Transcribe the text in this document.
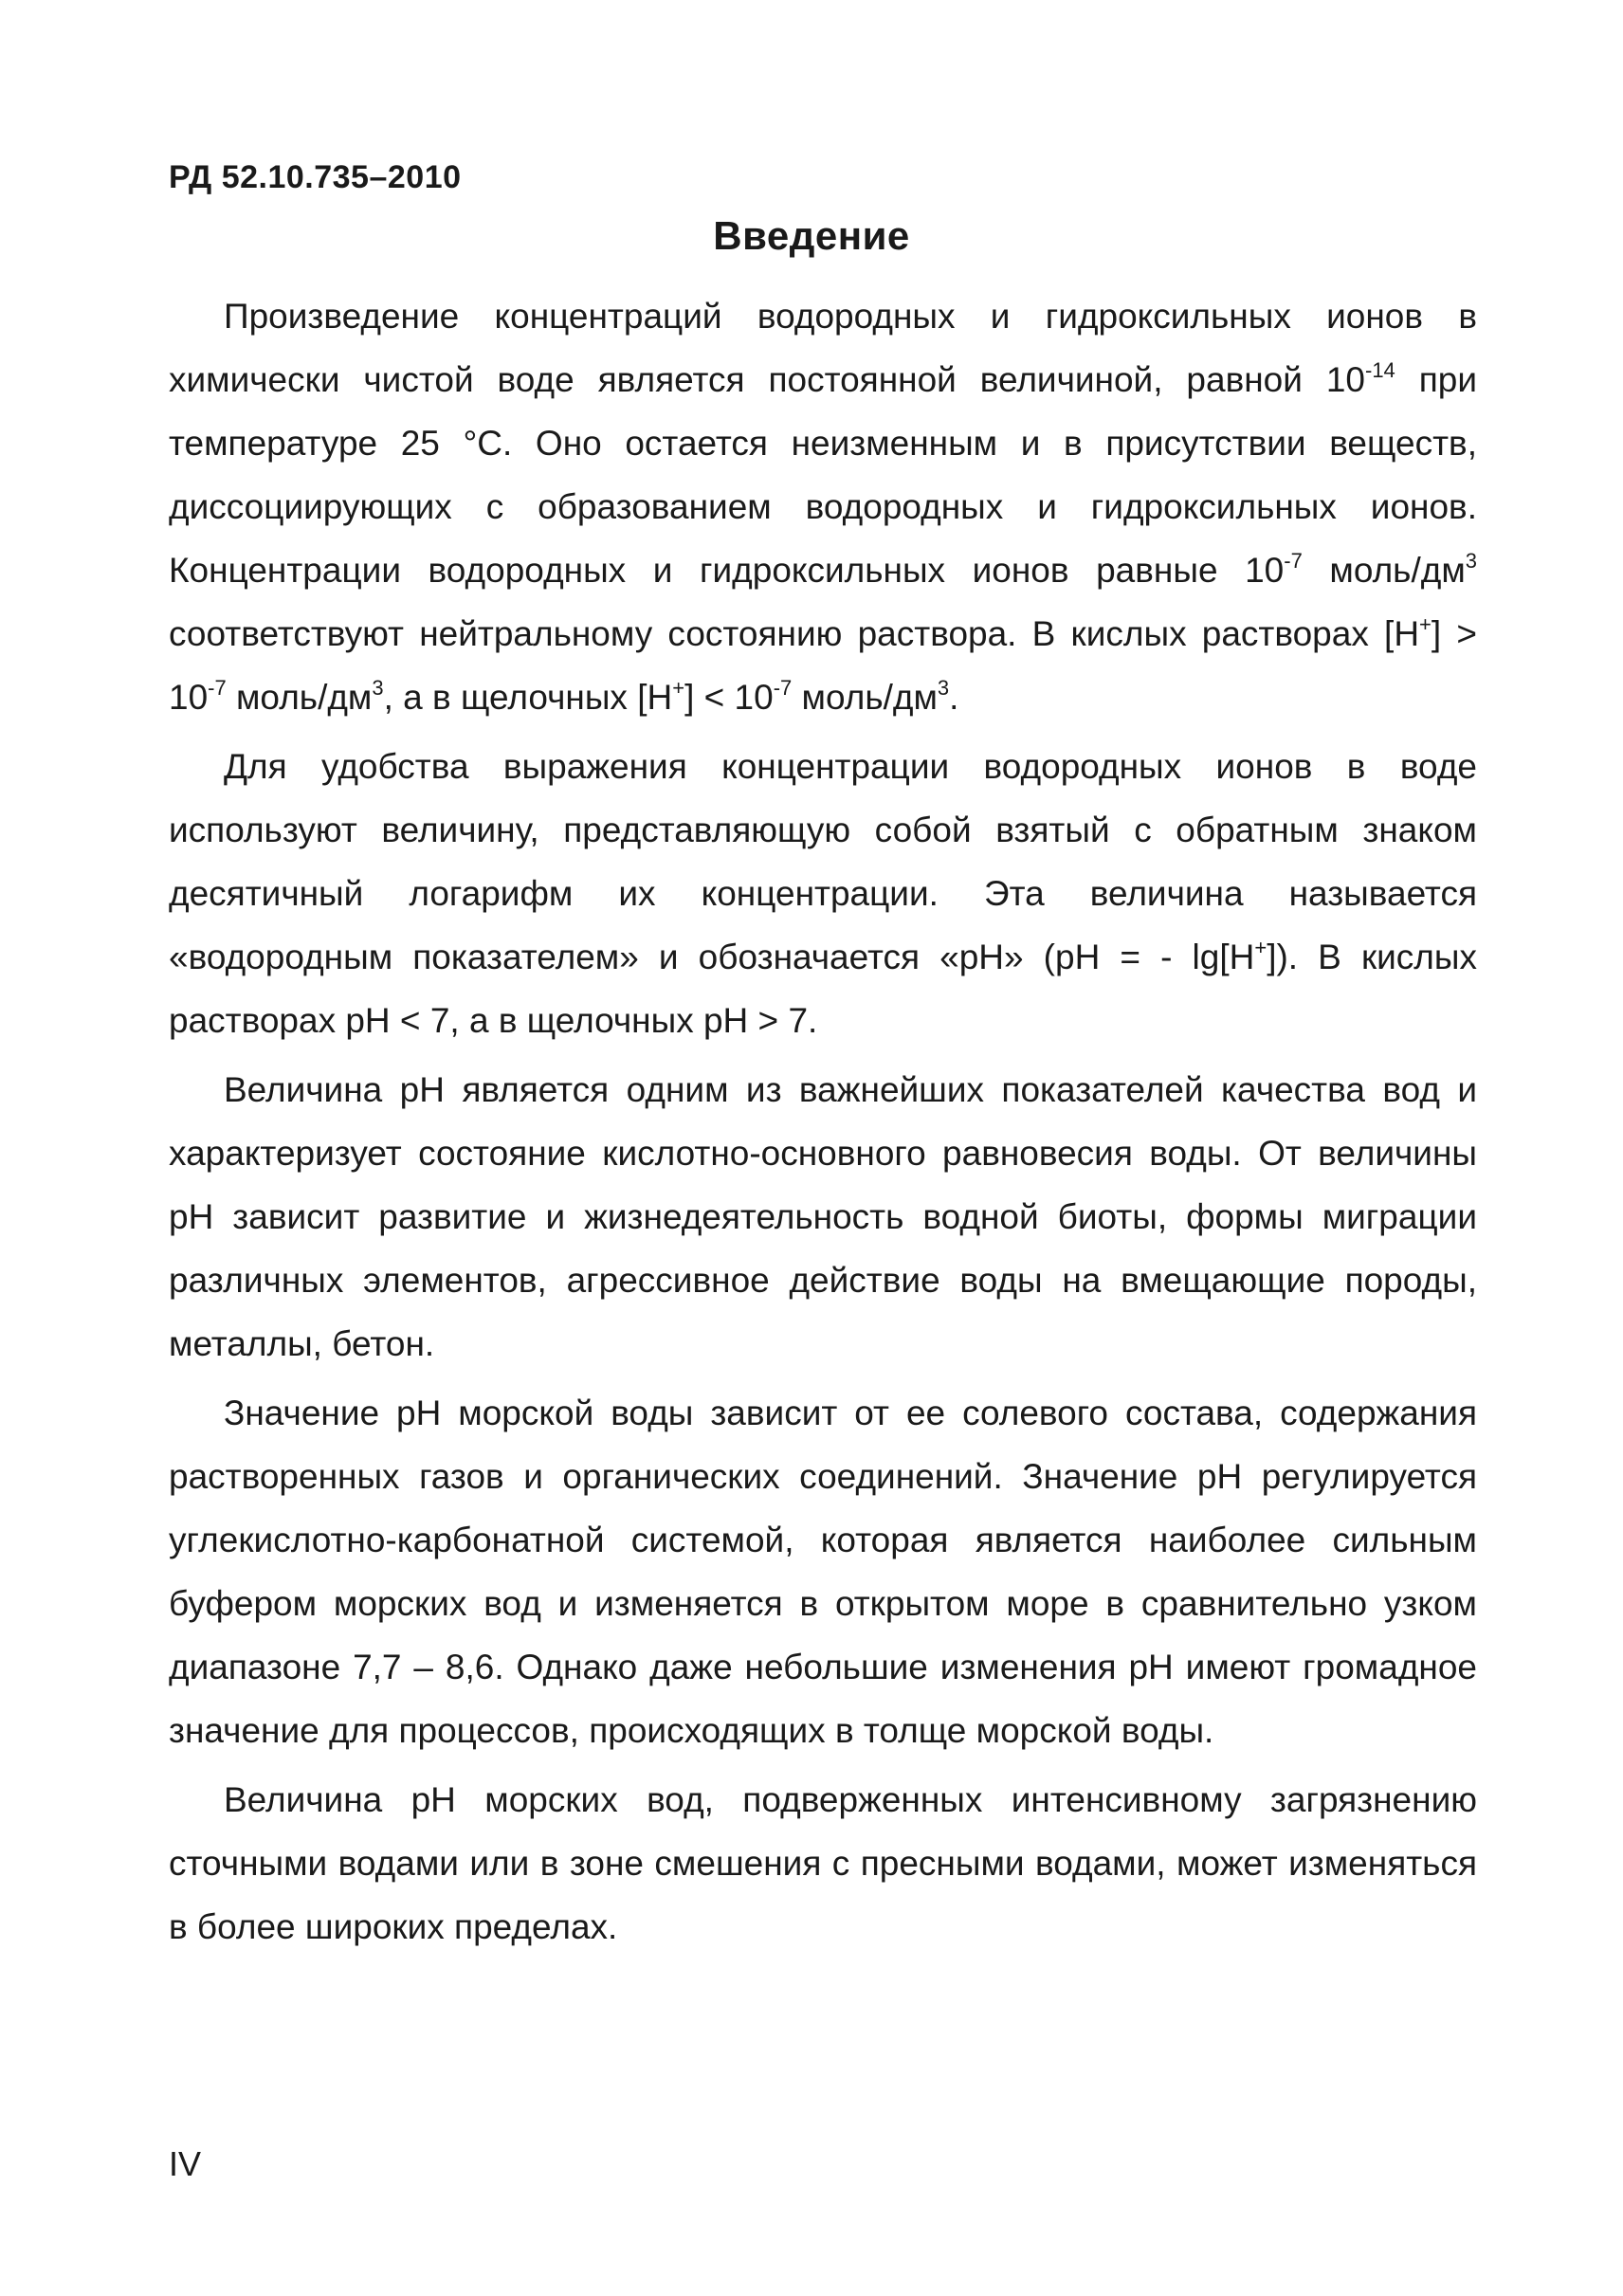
РД 52.10.735–2010
Введение

Произведение концентраций водородных и гидроксильных ионов в химически чистой воде является постоянной величиной, равной $10^{-14}$ при температуре 25 °С. Оно остается неизменным и в присутствии веществ, диссоциирующих с образованием водородных и гидроксильных ионов. Концентрации водородных и гидроксильных ионов равные $10^{-7}$ моль/$дм^3$ соответствуют нейтральному состоянию раствора. В кислых растворах $[Н^+] > 10^{-7}$ моль/$дм^3$, а в щелочных $[Н^+] < 10^{-7}$ моль/$дм^3$.

Для удобства выражения концентрации водородных ионов в воде используют величину, представляющую собой взятый с обратным знаком десятичный логарифм их концентрации. Эта величина называется «водородным показателем» и обозначается «рН» (рН = - lg[Н+]). В кислых растворах рН < 7, а в щелочных рН > 7.

Величина рН является одним из важнейших показателей качества вод и характеризует состояние кислотно-основного равновесия воды. От величины рН зависит развитие и жизнедеятельность водной биоты, формы миграции различных элементов, агрессивное действие воды на вмещающие породы, металлы, бетон.

Значение рН морской воды зависит от ее солевого состава, содержания растворенных газов и органических соединений. Значение рН регулируется углекислотно-карбонатной системой, которая является наиболее сильным буфером морских вод и изменяется в открытом море в сравнительно узком диапазоне 7,7 – 8,6. Однако даже небольшие изменения рН имеют громадное значение для процессов, происходящих в толще морской воды.

Величина рН морских вод, подверженных интенсивному загрязнению сточными водами или в зоне смешения с пресными водами, может изменяться в более широких пределах.

IV
